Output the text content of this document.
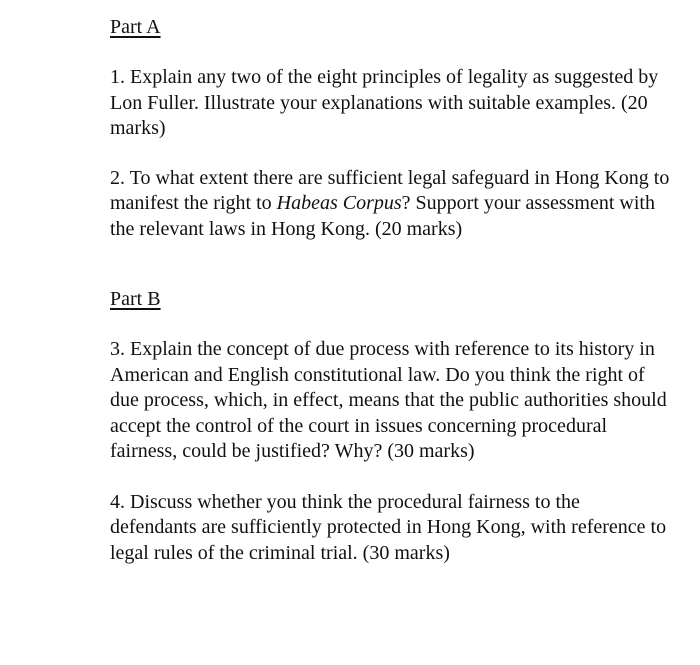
Part A

1. Explain any two of the eight principles of legality as suggested by Lon Fuller. Illustrate your explanations with suitable examples. (20 marks)

2. To what extent there are sufficient legal safeguard in Hong Kong to manifest the right to Habeas Corpus? Support your assessment with the relevant laws in Hong Kong. (20 marks)

Part B

3. Explain the concept of due process with reference to its history in American and English constitutional law. Do you think the right of due process, which, in effect, means that the public authorities should accept the control of the court in issues concerning procedural fairness, could be justified? Why? (30 marks)

4. Discuss whether you think the procedural fairness to the defendants are sufficiently protected in Hong Kong, with reference to legal rules of the criminal trial. (30 marks)
